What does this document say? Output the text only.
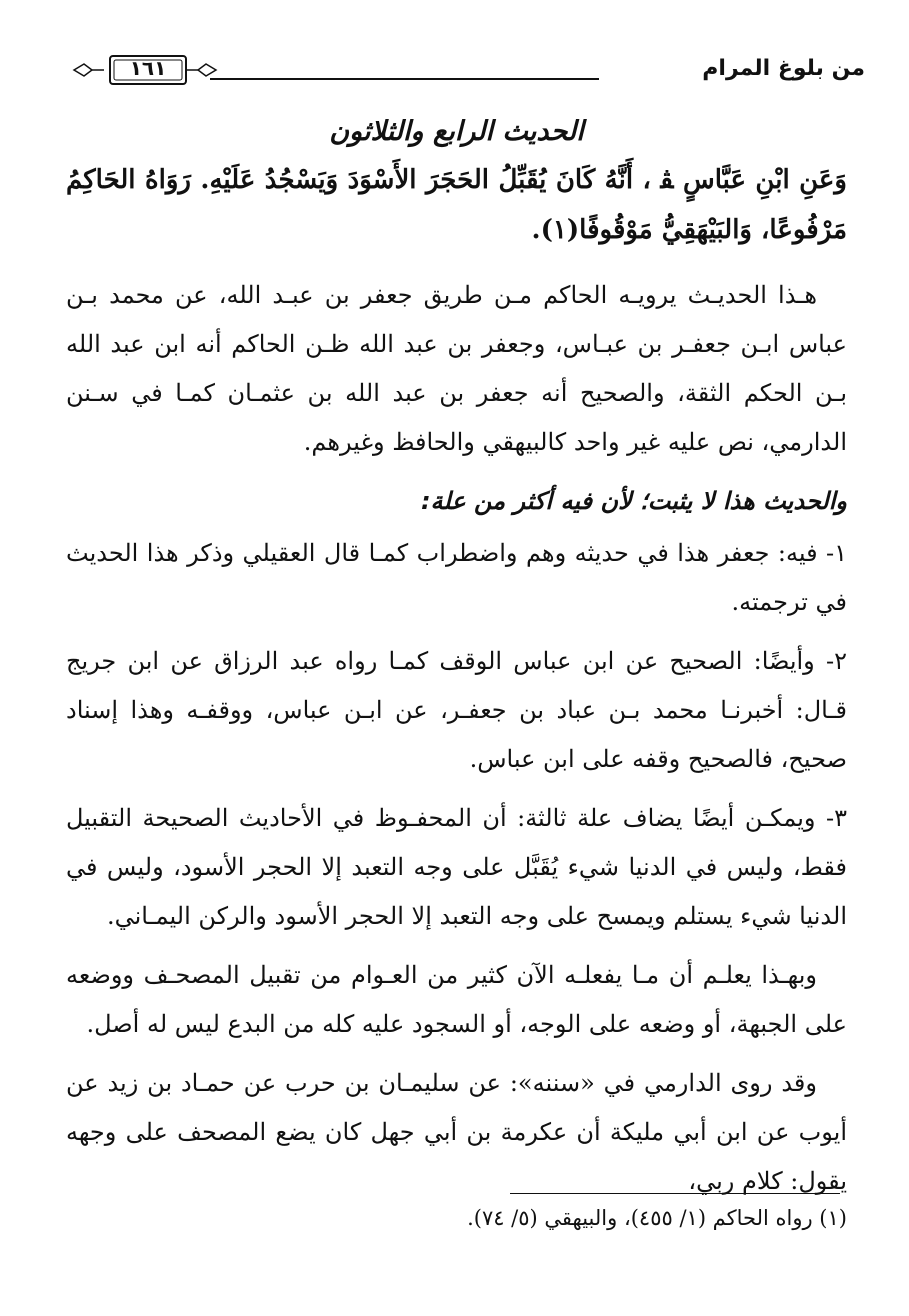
من بلوغ المرام
١٦١
الحديث الرابع والثلاثون

وَعَنِ ابْنِ عَبَّاسٍ ﭭ ، أَنَّهُ كَانَ يُقَبِّلُ الحَجَرَ الأَسْوَدَ وَيَسْجُدُ عَلَيْهِ. رَوَاهُ الحَاكِمُ مَرْفُوعًا، وَالبَيْهَقِيُّ مَوْقُوفًا(١).

هـذا الحديـث يرويـه الحاكم مـن طريق جعفر بن عبـد الله، عن محمد بـن عباس ابـن جعفـر بن عبـاس، وجعفر بن عبد الله ظـن الحاكم أنه ابن عبد الله بـن الحكم الثقة، والصحيح أنه جعفر بن عبد الله بن عثمـان كمـا في سـنن الدارمي، نص عليه غير واحد كالبيهقي والحافظ وغيرهم.

والحديث هذا لا يثبت؛ لأن فيه أكثر من علة:

١- فيه: جعفر هذا في حديثه وهم واضطراب كمـا قال العقيلي وذكر هذا الحديث في ترجمته.

٢- وأيضًا: الصحيح عن ابن عباس الوقف كمـا رواه عبد الرزاق عن ابن جريج قـال: أخبرنـا محمد بـن عباد بن جعفـر، عن ابـن عباس، ووقفـه وهذا إسناد صحيح، فالصحيح وقفه على ابن عباس.

٣- ويمكـن أيضًا يضاف علة ثالثة: أن المحفـوظ في الأحاديث الصحيحة التقبيل فقط، وليس في الدنيا شيء يُقَبَّل على وجه التعبد إلا الحجر الأسود، وليس في الدنيا شيء يستلم ويمسح على وجه التعبد إلا الحجر الأسود والركن اليمـاني.

وبهـذا يعلـم أن مـا يفعلـه الآن كثير من العـوام من تقبيل المصحـف ووضعه على الجبهة، أو وضعه على الوجه، أو السجود عليه كله من البدع ليس له أصل.

وقد روى الدارمي في «سننه»: عن سليمـان بن حرب عن حمـاد بن زيد عن أيوب عن ابن أبي مليكة أن عكرمة بن أبي جهل كان يضع المصحف على وجهه يقول: كلام ربي،

(١) رواه الحاكم (١/ ٤٥٥)، والبيهقي (٥/ ٧٤).
